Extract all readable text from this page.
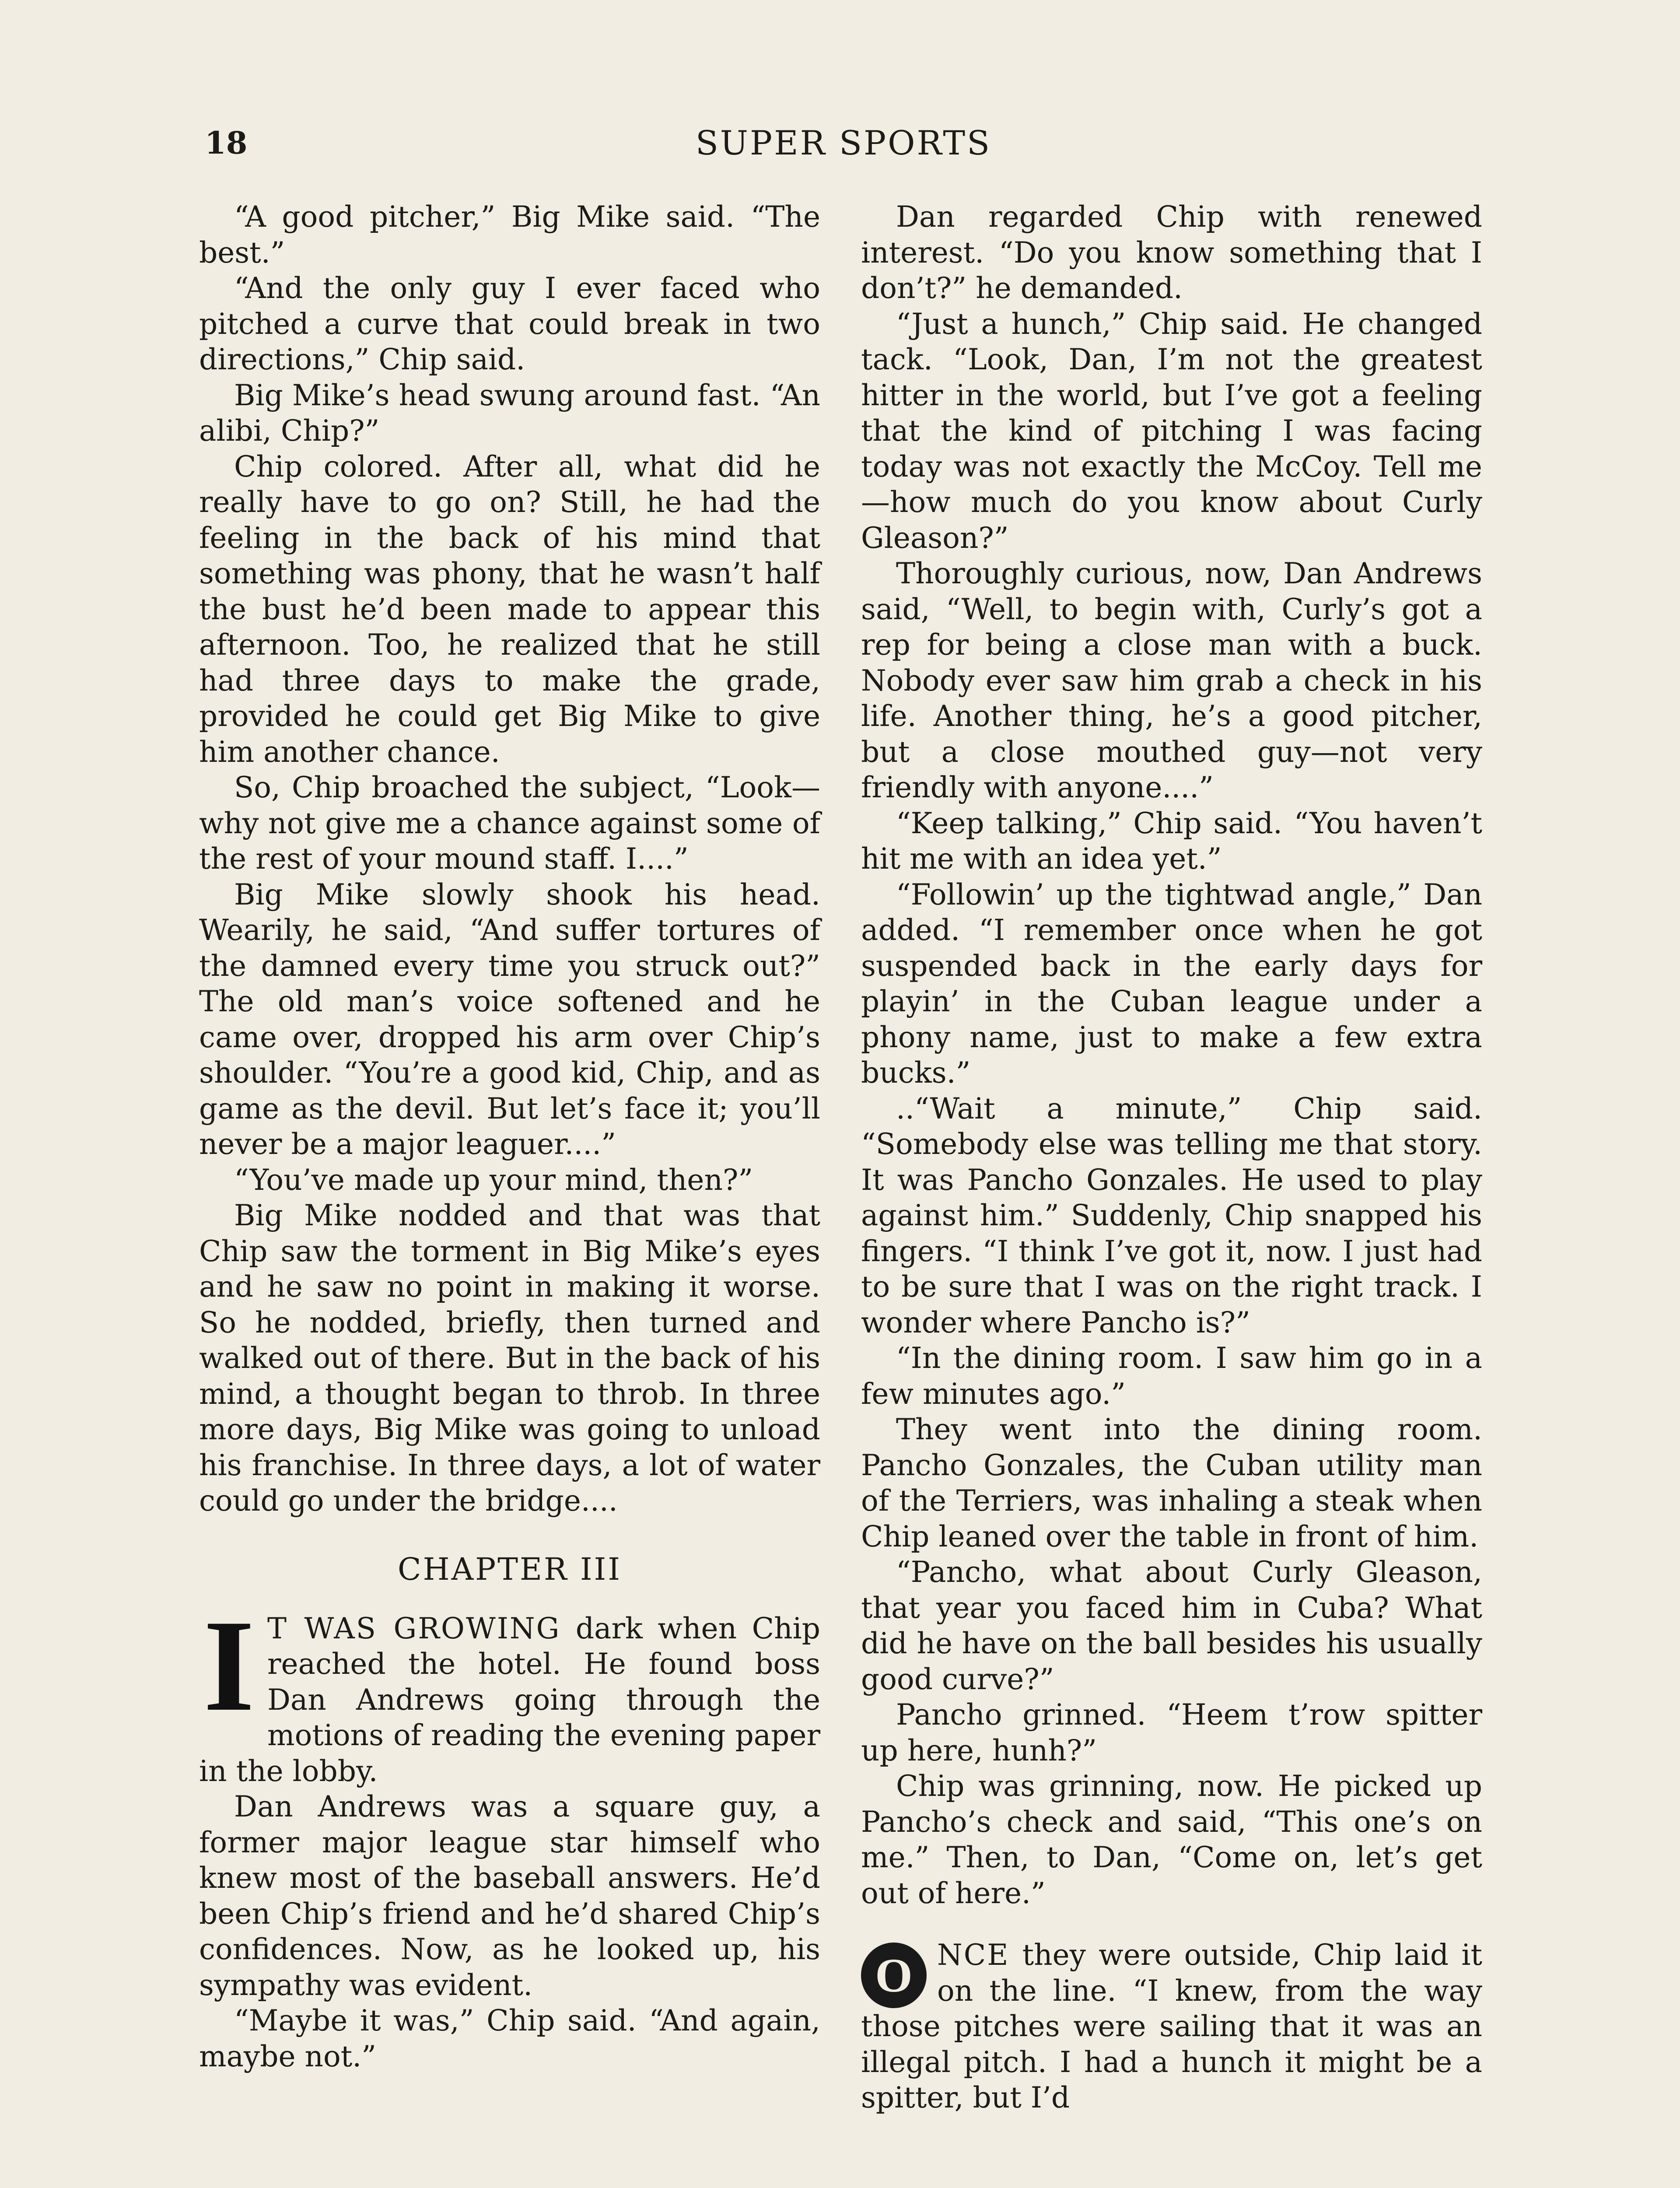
18	SUPER SPORTS

“A good pitcher,” Big Mike said. “The best.”

“And the only guy I ever faced who pitched a curve that could break in two directions,” Chip said.

Big Mike’s head swung around fast. “An alibi, Chip?”

Chip colored. After all, what did he really have to go on? Still, he had the feeling in the back of his mind that something was phony, that he wasn’t half the bust he’d been made to appear this afternoon. Too, he realized that he still had three days to make the grade, provided he could get Big Mike to give him another chance.

So, Chip broached the subject, “Look—why not give me a chance against some of the rest of your mound staff. I....”

Big Mike slowly shook his head. Wearily, he said, “And suffer tortures of the damned every time you struck out?” The old man’s voice softened and he came over, dropped his arm over Chip’s shoulder. “You’re a good kid, Chip, and as game as the devil. But let’s face it; you’ll never be a major leaguer....”

“You’ve made up your mind, then?”

Big Mike nodded and that was that Chip saw the torment in Big Mike’s eyes and he saw no point in making it worse. So he nodded, briefly, then turned and walked out of there. But in the back of his mind, a thought began to throb. In three more days, Big Mike was going to unload his franchise. In three days, a lot of water could go under the bridge....

CHAPTER III

I T WAS GROWING dark when Chip reached the hotel. He found boss Dan Andrews going through the motions of reading the evening paper in the lobby.

Dan Andrews was a square guy, a former major league star himself who knew most of the baseball answers. He’d been Chip’s friend and he’d shared Chip’s confidences. Now, as he looked up, his sympathy was evident.

“Maybe it was,” Chip said. “And again, maybe not.”

Dan regarded Chip with renewed interest. “Do you know something that I don’t?” he demanded.

“Just a hunch,” Chip said. He changed tack. “Look, Dan, I’m not the greatest hitter in the world, but I’ve got a feeling that the kind of pitching I was facing today was not exactly the McCoy. Tell me—how much do you know about Curly Gleason?”

Thoroughly curious, now, Dan Andrews said, “Well, to begin with, Curly’s got a rep for being a close man with a buck. Nobody ever saw him grab a check in his life. Another thing, he’s a good pitcher, but a close mouthed guy—not very friendly with anyone....”

“Keep talking,” Chip said. “You haven’t hit me with an idea yet.”

“Followin’ up the tightwad angle,” Dan added. “I remember once when he got suspended back in the early days for playin’ in the Cuban league under a phony name, just to make a few extra bucks.”

..“Wait a minute,” Chip said. “Somebody else was telling me that story. It was Pancho Gonzales. He used to play against him.” Suddenly, Chip snapped his fingers. “I think I’ve got it, now. I just had to be sure that I was on the right track. I wonder where Pancho is?”

“In the dining room. I saw him go in a few minutes ago.”

They went into the dining room. Pancho Gonzales, the Cuban utility man of the Terriers, was inhaling a steak when Chip leaned over the table in front of him.

“Pancho, what about Curly Gleason, that year you faced him in Cuba? What did he have on the ball besides his usually good curve?”

Pancho grinned. “Heem t’row spitter up here, hunh?”

Chip was grinning, now. He picked up Pancho’s check and said, “This one’s on me.” Then, to Dan, “Come on, let’s get out of here.”

O NCE they were outside, Chip laid it on the line. “I knew, from the way those pitches were sailing that it was an illegal pitch. I had a hunch it might be a spitter, but I’d
